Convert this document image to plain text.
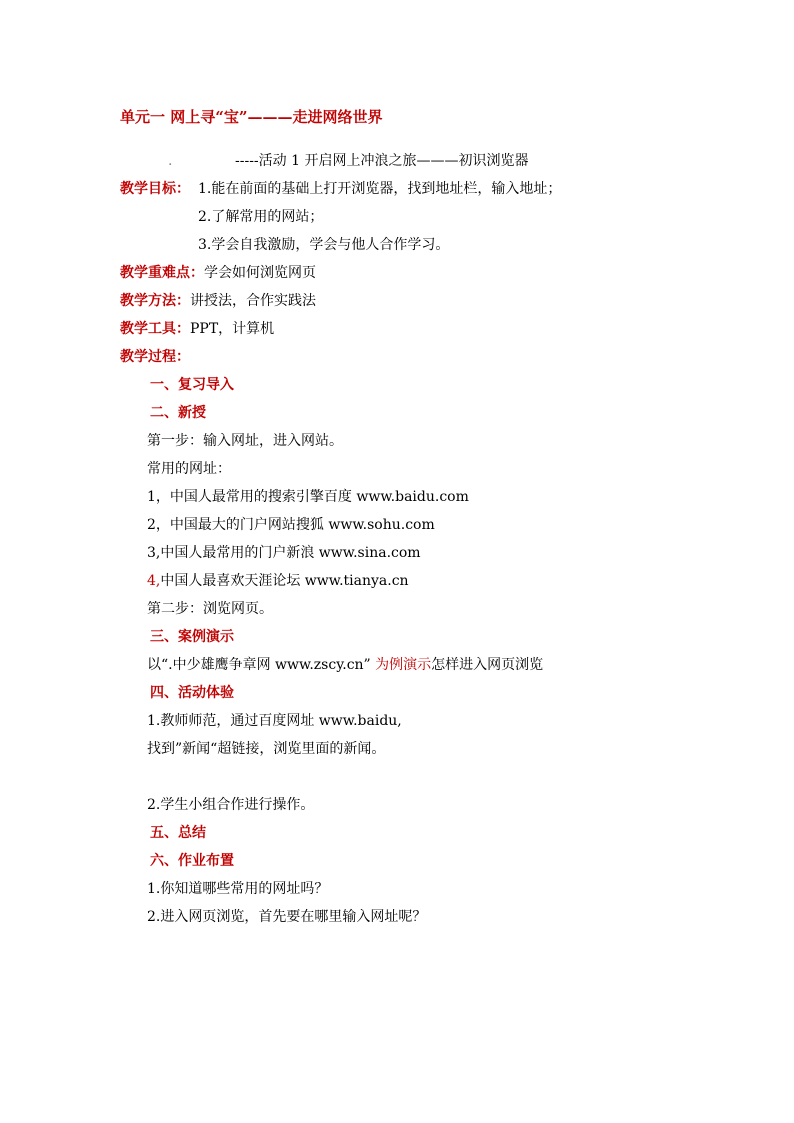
单元一 网上寻“宝”———走进网络世界
.	-----活动 1 开启网上冲浪之旅———初识浏览器
教学目标： 1.能在前面的基础上打开浏览器，找到地址栏，输入地址；
2.了解常用的网站；
3.学会自我激励，学会与他人合作学习。
教学重难点：学会如何浏览网页
教学方法：讲授法，合作实践法
教学工具：PPT，计算机
教学过程：
一、复习导入
二、新授
第一步：输入网址，进入网站。
常用的网址：
1，中国人最常用的搜索引擎百度 www.baidu.com
2，中国最大的门户网站搜狐 www.sohu.com
3,中国人最常用的门户新浪 www.sina.com
4,中国人最喜欢天涯论坛 www.tianya.cn
第二步：浏览网页。
三、案例演示
以“.中少雄鹰争章网 www.zscy.cn” 为例演示怎样进入网页浏览
四、活动体验
1.教师师范，通过百度网址 www.baidu,
找到”新闻“超链接，浏览里面的新闻。
2.学生小组合作进行操作。
五、总结
六、作业布置
1.你知道哪些常用的网址吗？
2.进入网页浏览，首先要在哪里输入网址呢？
